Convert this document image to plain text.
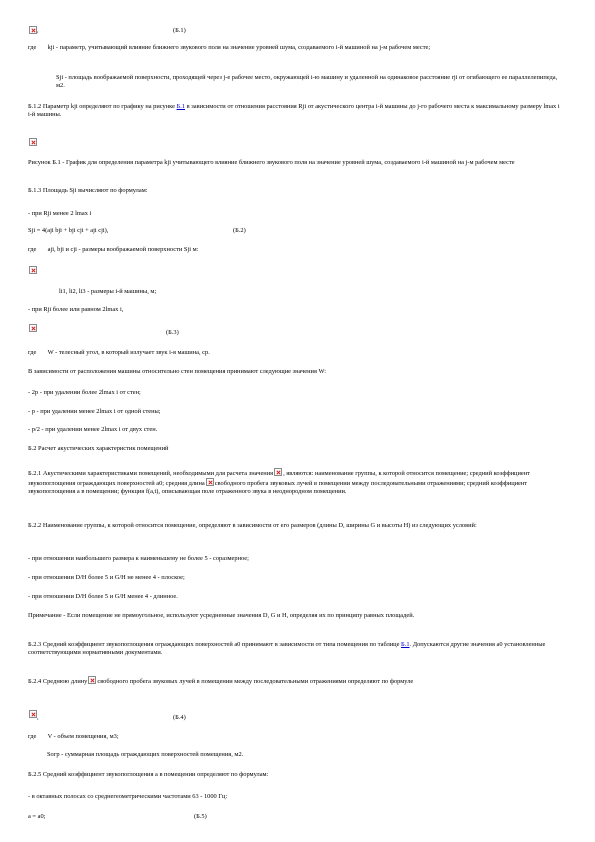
,	(Б.1)
где kji - параметр, учитывающий влияние ближнего звукового поля на значение уровней шума, создаваемого i-й машиной на j-м рабочем месте;
Sji - площадь воображаемой поверхности, проходящей через j-е рабочее место, окружающей i-ю машину и удаленной на одинаковое расстояние rji от огибающего ее параллелепипеда, м2.
Б.1.2 Параметр kji определяют по графику на рисунке Б.1 в зависимости от отношения расстояния Rji от акустического центра i-й машины до j-го рабочего места к максимальному размеру lmax i i-й машины.
Рисунок Б.1 - График для определения параметра kji учитывающего влияние ближнего звукового поля на значение уровней шума, создаваемого i-й машиной на j-м рабочем месте
Б.1.3 Площадь Sji вычисляют по формулам:
- при Rji менее 2 lmax i
Sji = 4(aji bji + bji cji + aji cji),	(Б.2)
где aji, bji и cji - размеры воображаемой поверхности Sji м:
li1, li2, li3 - размеры i-й машины, м;
- при Rji более или равном 2lmax i,
(Б.3)
где W - телесный угол, в который излучает звук i-я машина, ср.
В зависимости от расположения машины относительно стен помещения принимают следующие значения W:
- 2p - при удалении более 2lmax i от стен;
- p - при удалении менее 2lmax i от одной стены;
- p/2 - при удалении менее 2lmax i от двух стен.
Б.2 Расчет акустических характеристик помещений
Б.2.1 Акустическими характеристиками помещений, необходимыми для расчета значения , являются: наименование группы, к которой относится помещение; средний коэффициент звукопоглощения ограждающих поверхностей a0; средняя длина свободного пробега звуковых лучей в помещении между последовательными отражениями; средний коэффициент звукопоглощения a в помещении; функция f(a,t), описывающая поле отраженного звука в неоднородном помещении.
Б.2.2 Наименование группы, к которой относится помещение, определяют в зависимости от его размеров (длины D, ширины G и высоты H) из следующих условий:
- при отношении наибольшего размера к наименьшему не более 5 - соразмерное;
- при отношении D/H более 5 и G/H не менее 4 - плоское;
- при отношении D/H более 5 и G/H менее 4 - длинное.
Примечание - Если помещение не прямоугольное, используют усредненные значения D, G и H, определяя их по принципу равных площадей.
Б.2.3 Средний коэффициент звукопоглощения ограждающих поверхностей a0 принимают в зависимости от типа помещения по таблице Б.1. Допускаются другие значения a0 установленные соответствующими нормативными документами.
Б.2.4 Среднюю длину свободного пробега звуковых лучей в помещении между последовательными отражениями определяют по формуле
,	(Б.4)
где V - объем помещения, м3;
Sогр - суммарная площадь ограждающих поверхностей помещения, м2.
Б.2.5 Средний коэффициент звукопоглощения a в помещении определяют по формулам:
- в октавных полосах со среднегеометрическими частотами 63 - 1000 Гц:
a = a0;	(Б.5)
